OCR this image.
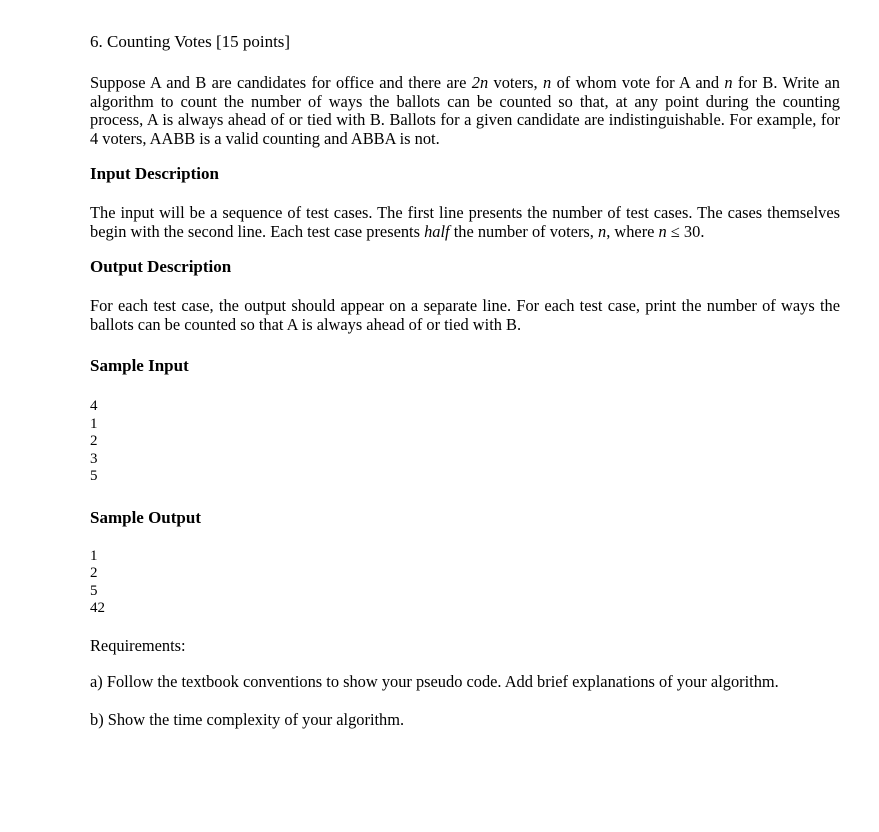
6. Counting Votes [15 points]

Suppose A and B are candidates for office and there are 2n voters, n of whom vote for A and n for B. Write an algorithm to count the number of ways the ballots can be counted so that, at any point during the counting process, A is always ahead of or tied with B. Ballots for a given candidate are indistinguishable. For example, for 4 voters, AABB is a valid counting and ABBA is not.

Input Description

The input will be a sequence of test cases. The first line presents the number of test cases. The cases themselves begin with the second line. Each test case presents half the number of voters, n, where n ≤ 30.

Output Description

For each test case, the output should appear on a separate line. For each test case, print the number of ways the ballots can be counted so that A is always ahead of or tied with B.

Sample Input
4
1
2
3
5
Sample Output
1
2
5
42
Requirements:

a) Follow the textbook conventions to show your pseudo code. Add brief explanations of your algorithm.

b) Show the time complexity of your algorithm.
